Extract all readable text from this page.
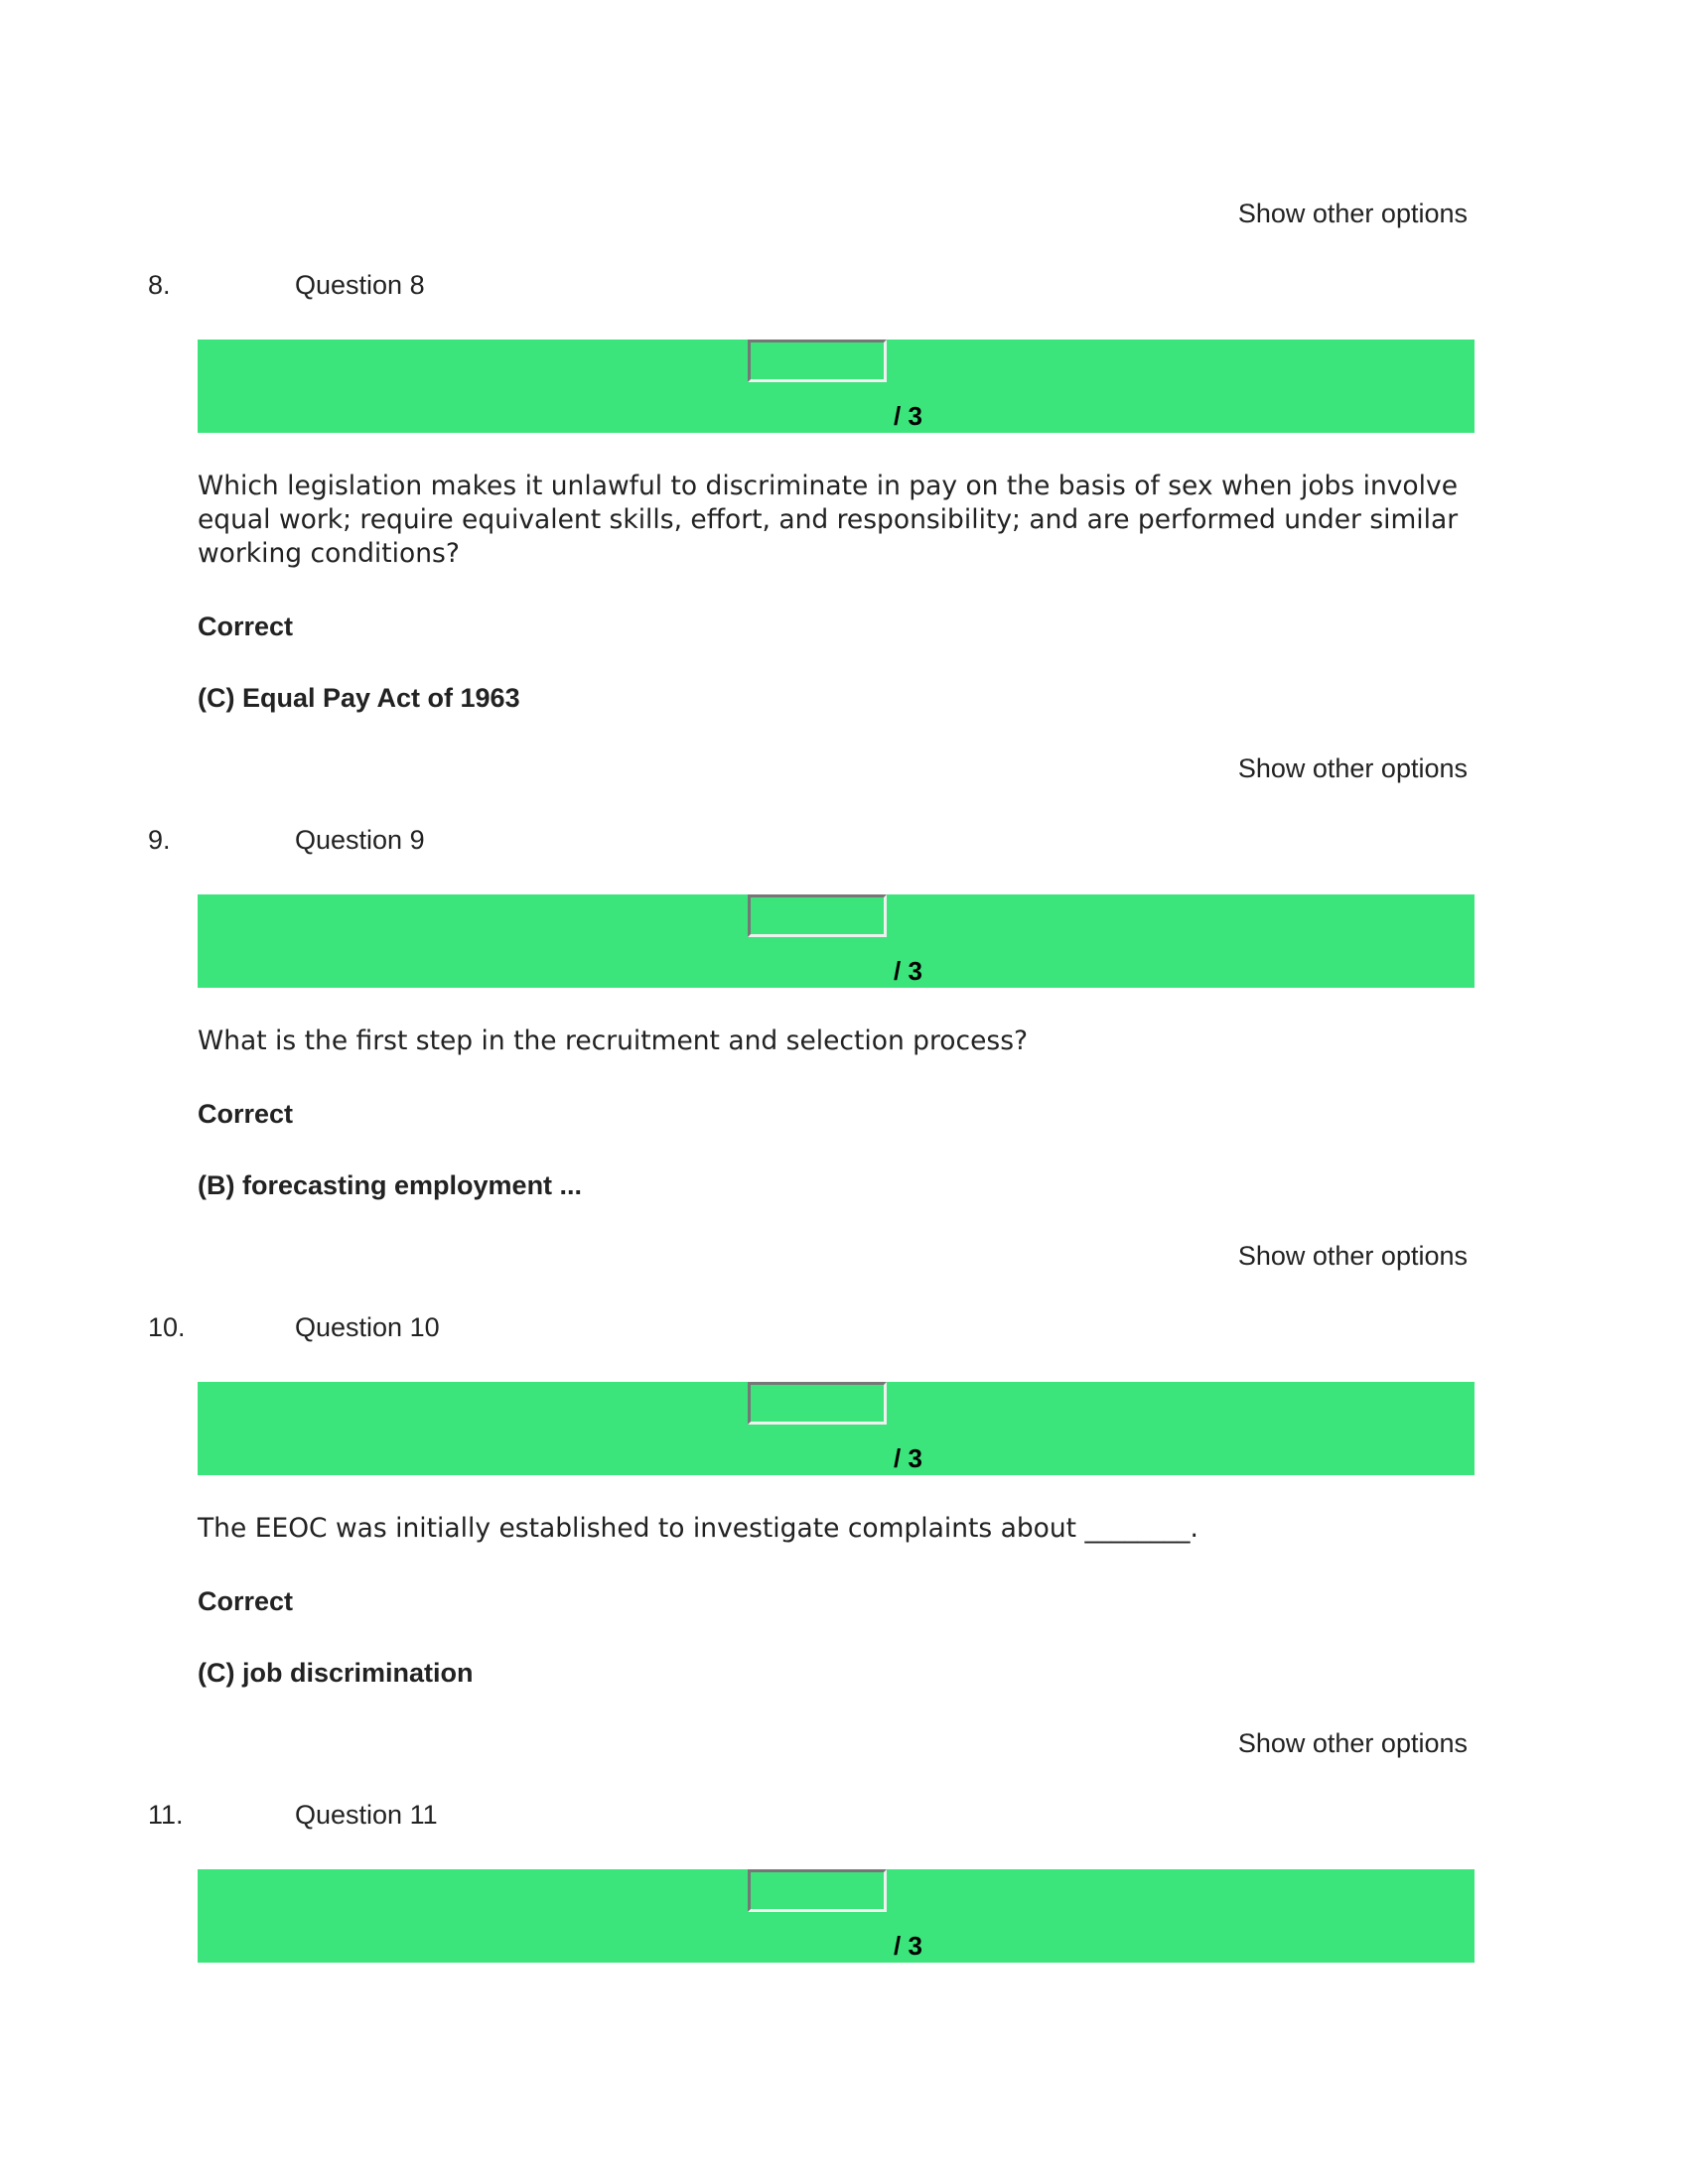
Show other options
8.	Question 8
/ 3
Which legislation makes it unlawful to discriminate in pay on the basis of sex when jobs involve equal work; require equivalent skills, effort, and responsibility; and are performed under similar working conditions?
Correct
(C) Equal Pay Act of 1963
Show other options
9.	Question 9
/ 3
What is the first step in the recruitment and selection process?
Correct
(B) forecasting employment ...
Show other options
10.	Question 10
/ 3
The EEOC was initially established to investigate complaints about ________.
Correct
(C) job discrimination
Show other options
11.	Question 11
/ 3
